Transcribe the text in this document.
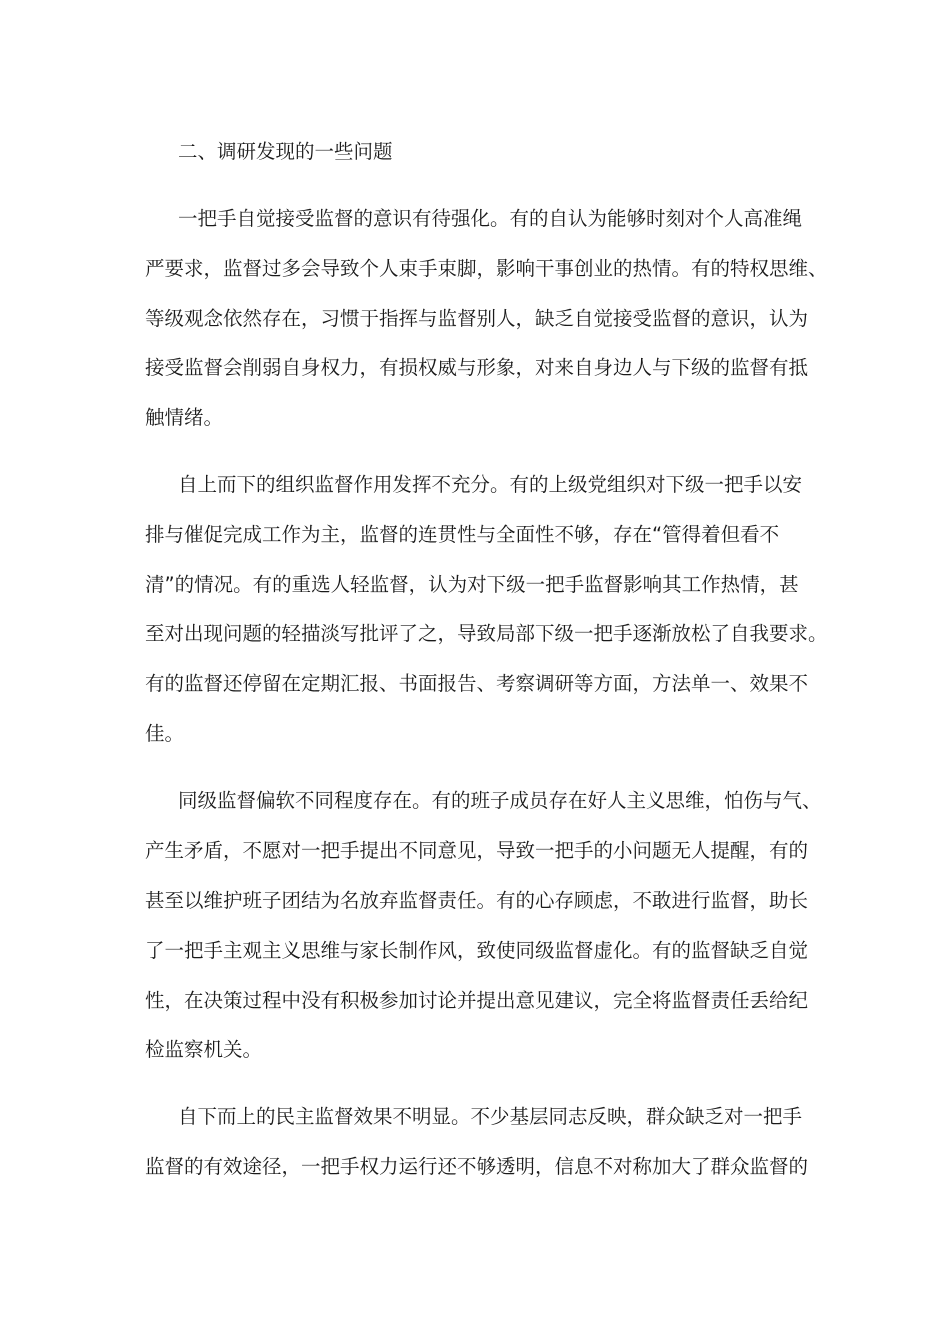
二、调研发现的一些问题
一把手自觉接受监督的意识有待强化。有的自认为能够时刻对个人高准绳
严要求，监督过多会导致个人束手束脚，影响干事创业的热情。有的特权思维、
等级观念依然存在，习惯于指挥与监督别人，缺乏自觉接受监督的意识，认为
接受监督会削弱自身权力，有损权威与形象，对来自身边人与下级的监督有抵
触情绪。
自上而下的组织监督作用发挥不充分。有的上级党组织对下级一把手以安
排与催促完成工作为主，监督的连贯性与全面性不够，存在“管得着但看不
清”的情况。有的重选人轻监督，认为对下级一把手监督影响其工作热情，甚
至对出现问题的轻描淡写批评了之，导致局部下级一把手逐渐放松了自我要求。
有的监督还停留在定期汇报、书面报告、考察调研等方面，方法单一、效果不
佳。
同级监督偏软不同程度存在。有的班子成员存在好人主义思维，怕伤与气、
产生矛盾，不愿对一把手提出不同意见，导致一把手的小问题无人提醒，有的
甚至以维护班子团结为名放弃监督责任。有的心存顾虑，不敢进行监督，助长
了一把手主观主义思维与家长制作风，致使同级监督虚化。有的监督缺乏自觉
性，在决策过程中没有积极参加讨论并提出意见建议，完全将监督责任丢给纪
检监察机关。
自下而上的民主监督效果不明显。不少基层同志反映，群众缺乏对一把手
监督的有效途径，一把手权力运行还不够透明，信息不对称加大了群众监督的
